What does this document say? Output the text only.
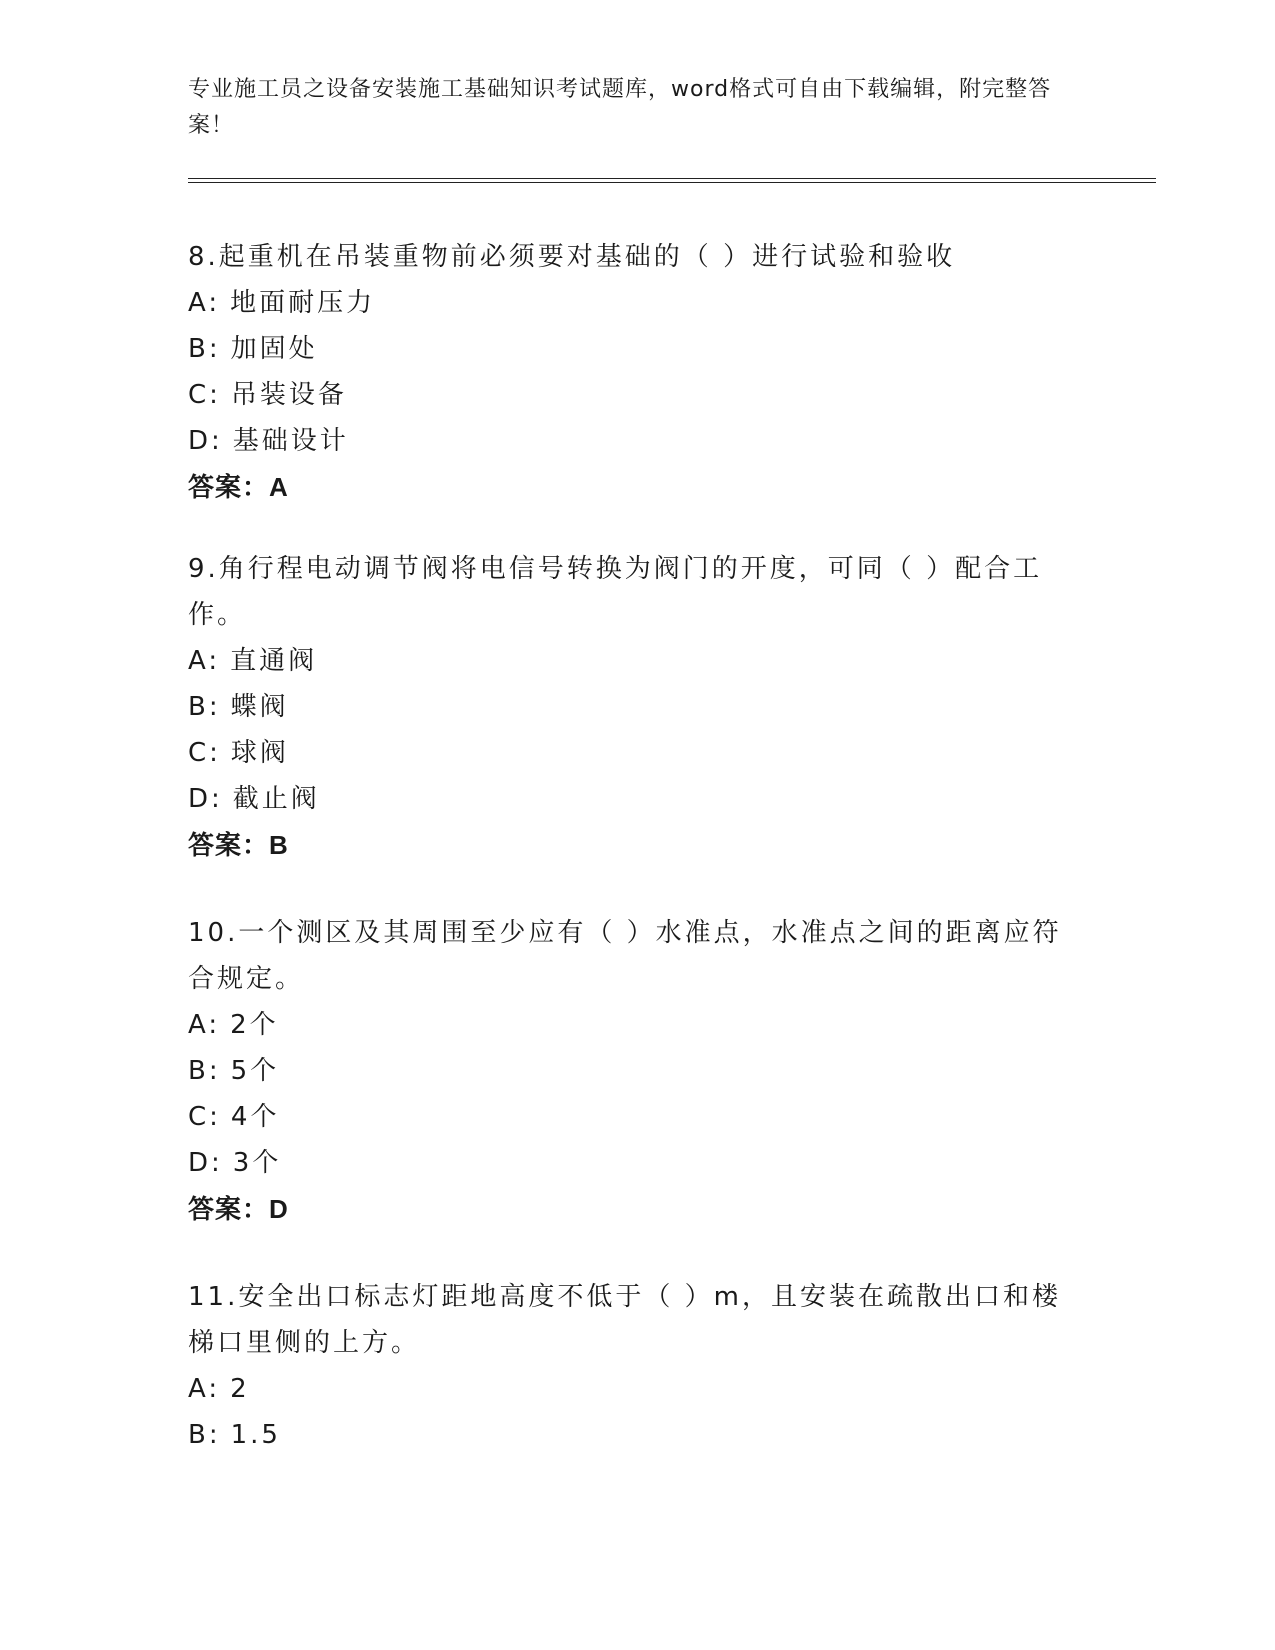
专业施工员之设备安装施工基础知识考试题库，word格式可自由下载编辑，附完整答案！
8.起重机在吊装重物前必须要对基础的（ ）进行试验和验收
A: 地面耐压力
B: 加固处
C: 吊装设备
D: 基础设计
答案：A
9.角行程电动调节阀将电信号转换为阀门的开度，可同（ ）配合工作。
A: 直通阀
B: 蝶阀
C: 球阀
D: 截止阀
答案：B
10.一个测区及其周围至少应有（ ）水准点，水准点之间的距离应符合规定。
A: 2个
B: 5个
C: 4个
D: 3个
答案：D
11.安全出口标志灯距地高度不低于（ ）m，且安装在疏散出口和楼梯口里侧的上方。
A: 2
B: 1.5
